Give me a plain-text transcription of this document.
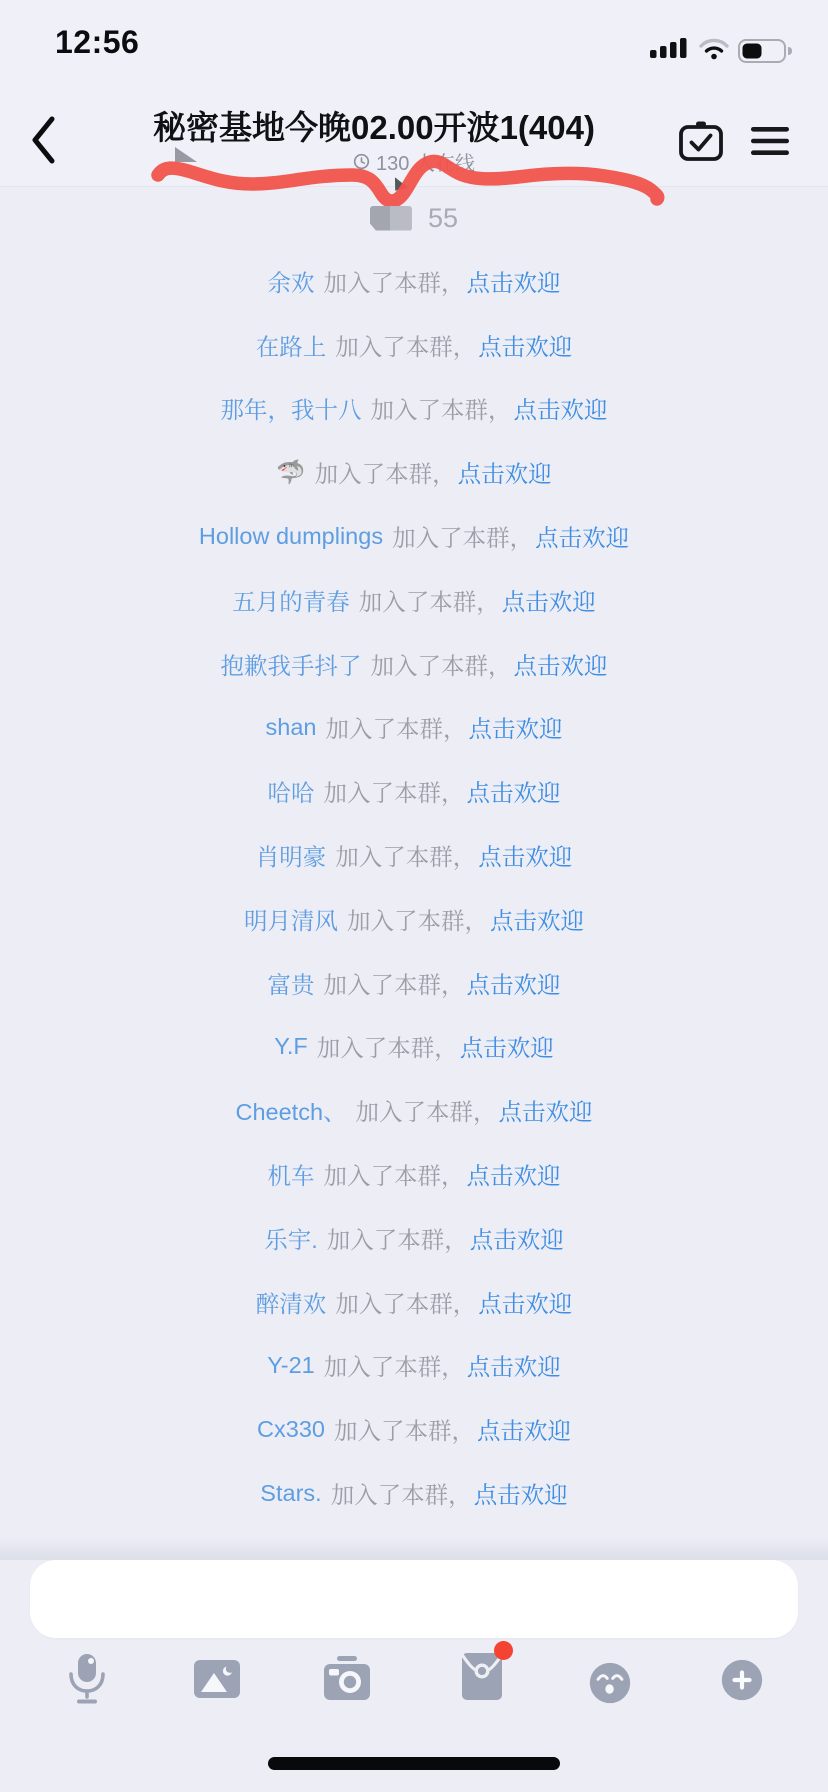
12:56
秘密基地今晚02.00开波1(404)
130 人在线
55
余欢 加入了本群， 点击欢迎
在路上 加入了本群， 点击欢迎
那年，我十八 加入了本群， 点击欢迎
🦈 加入了本群， 点击欢迎
Hollow dumplings 加入了本群， 点击欢迎
五月的青春 加入了本群， 点击欢迎
抱歉我手抖了 加入了本群， 点击欢迎
shan 加入了本群， 点击欢迎
哈哈 加入了本群， 点击欢迎
肖明豪 加入了本群， 点击欢迎
明月清风 加入了本群， 点击欢迎
富贵 加入了本群， 点击欢迎
Y.F 加入了本群， 点击欢迎
Cheetch、 加入了本群， 点击欢迎
机车 加入了本群， 点击欢迎
乐宇. 加入了本群， 点击欢迎
醉清欢 加入了本群， 点击欢迎
Y-21 加入了本群， 点击欢迎
Cx330 加入了本群， 点击欢迎
Stars. 加入了本群， 点击欢迎
